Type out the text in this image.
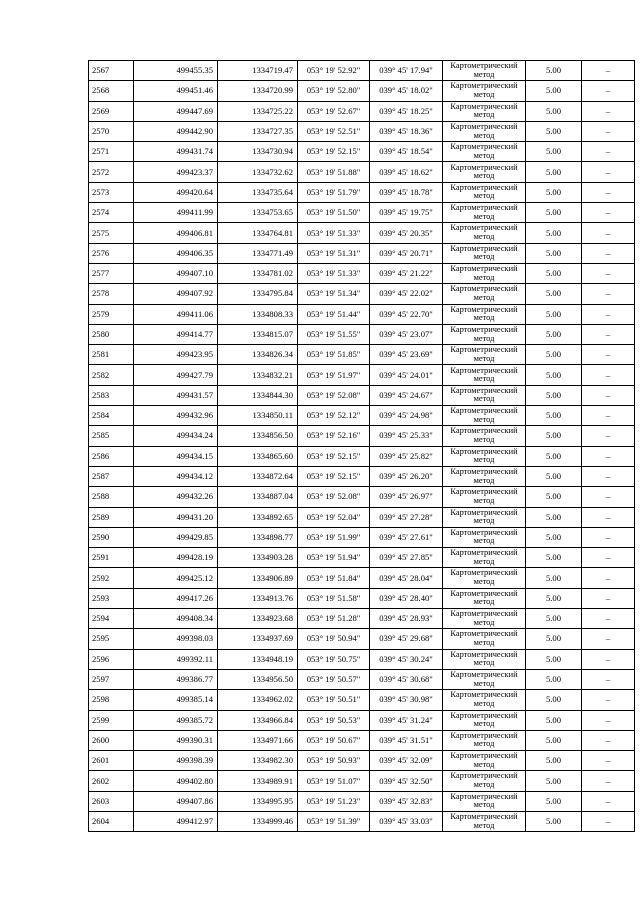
2567	499455.35	1334719.47	053° 19' 52.92"	039° 45' 17.94"	Картометрический метод	5.00	–
2568	499451.46	1334720.99	053° 19' 52.80"	039° 45' 18.02"	Картометрический метод	5.00	–
2569	499447.69	1334725.22	053° 19' 52.67"	039° 45' 18.25"	Картометрический метод	5.00	–
2570	499442.90	1334727.35	053° 19' 52.51"	039° 45' 18.36"	Картометрический метод	5.00	–
2571	499431.74	1334730.94	053° 19' 52.15"	039° 45' 18.54"	Картометрический метод	5.00	–
2572	499423.37	1334732.62	053° 19' 51.88"	039° 45' 18.62"	Картометрический метод	5.00	–
2573	499420.64	1334735.64	053° 19' 51.79"	039° 45' 18.78"	Картометрический метод	5.00	–
2574	499411.99	1334753.65	053° 19' 51.50"	039° 45' 19.75"	Картометрический метод	5.00	–
2575	499406.81	1334764.81	053° 19' 51.33"	039° 45' 20.35"	Картометрический метод	5.00	–
2576	499406.35	1334771.49	053° 19' 51.31"	039° 45' 20.71"	Картометрический метод	5.00	–
2577	499407.10	1334781.02	053° 19' 51.33"	039° 45' 21.22"	Картометрический метод	5.00	–
2578	499407.92	1334795.84	053° 19' 51.34"	039° 45' 22.02"	Картометрический метод	5.00	–
2579	499411.06	1334808.33	053° 19' 51.44"	039° 45' 22.70"	Картометрический метод	5.00	–
2580	499414.77	1334815.07	053° 19' 51.55"	039° 45' 23.07"	Картометрический метод	5.00	–
2581	499423.95	1334826.34	053° 19' 51.85"	039° 45' 23.69"	Картометрический метод	5.00	–
2582	499427.79	1334832.21	053° 19' 51.97"	039° 45' 24.01"	Картометрический метод	5.00	–
2583	499431.57	1334844.30	053° 19' 52.08"	039° 45' 24.67"	Картометрический метод	5.00	–
2584	499432.96	1334850.11	053° 19' 52.12"	039° 45' 24.98"	Картометрический метод	5.00	–
2585	499434.24	1334856.50	053° 19' 52.16"	039° 45' 25.33"	Картометрический метод	5.00	–
2586	499434.15	1334865.60	053° 19' 52.15"	039° 45' 25.82"	Картометрический метод	5.00	–
2587	499434.12	1334872.64	053° 19' 52.15"	039° 45' 26.20"	Картометрический метод	5.00	–
2588	499432.26	1334887.04	053° 19' 52.08"	039° 45' 26.97"	Картометрический метод	5.00	–
2589	499431.20	1334892.65	053° 19' 52.04"	039° 45' 27.28"	Картометрический метод	5.00	–
2590	499429.85	1334898.77	053° 19' 51.99"	039° 45' 27.61"	Картометрический метод	5.00	–
2591	499428.19	1334903.28	053° 19' 51.94"	039° 45' 27.85"	Картометрический метод	5.00	–
2592	499425.12	1334906.89	053° 19' 51.84"	039° 45' 28.04"	Картометрический метод	5.00	–
2593	499417.26	1334913.76	053° 19' 51.58"	039° 45' 28.40"	Картометрический метод	5.00	–
2594	499408.34	1334923.68	053° 19' 51.28"	039° 45' 28.93"	Картометрический метод	5.00	–
2595	499398.03	1334937.69	053° 19' 50.94"	039° 45' 29.68"	Картометрический метод	5.00	–
2596	499392.11	1334948.19	053° 19' 50.75"	039° 45' 30.24"	Картометрический метод	5.00	–
2597	499386.77	1334956.50	053° 19' 50.57"	039° 45' 30.68"	Картометрический метод	5.00	–
2598	499385.14	1334962.02	053° 19' 50.51"	039° 45' 30.98"	Картометрический метод	5.00	–
2599	499385.72	1334966.84	053° 19' 50.53"	039° 45' 31.24"	Картометрический метод	5.00	–
2600	499390.31	1334971.66	053° 19' 50.67"	039° 45' 31.51"	Картометрический метод	5.00	–
2601	499398.39	1334982.30	053° 19' 50.93"	039° 45' 32.09"	Картометрический метод	5.00	–
2602	499402.80	1334989.91	053° 19' 51.07"	039° 45' 32.50"	Картометрический метод	5.00	–
2603	499407.86	1334995.95	053° 19' 51.23"	039° 45' 32.83"	Картометрический метод	5.00	–
2604	499412.97	1334999.46	053° 19' 51.39"	039° 45' 33.03"	Картометрический метод	5.00	–
